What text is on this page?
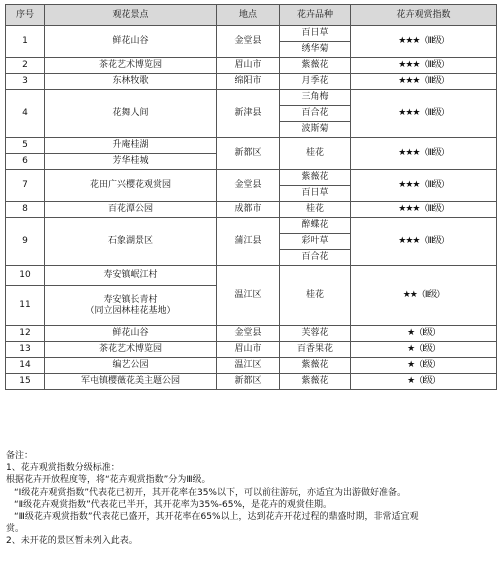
序号	观花景点	地点	花卉品种	花卉观赏指数
1	鲜花山谷	金堂县	百日草	★★★（Ⅲ级）
			绣华菊	
2	茶花艺术博览园	眉山市	紫薇花	★★★（Ⅲ级）
3	东林牧歌	绵阳市	月季花	★★★（Ⅲ级）
4	花舞人间	新津县	三角梅	★★★（Ⅲ级）
			百合花	
			波斯菊	
5	升庵桂湖	新都区	桂花	★★★（Ⅲ级）
6	芳华桂城			
7	花田广兴樱花观赏园	金堂县	紫薇花	★★★（Ⅲ级）
			百日草	
8	百花潭公园	成都市	桂花	★★★（Ⅲ级）
9	石象湖景区	蒲江县	醉蝶花	★★★（Ⅲ级）
			彩叶草	
			百合花	
10	寿安镇岷江村	温江区	桂花	★★（Ⅱ级）
11	寿安镇长青村
（同立园林桂花基地）			

12	鲜花山谷	金堂县	芙蓉花	★（Ⅰ级）
13	茶花艺术博览园	眉山市	百香果花	★（Ⅰ级）
14	编艺公园	温江区	紫薇花	★（Ⅰ级）
15	军屯镇樱薇花美主题公园	新都区	紫薇花	★（Ⅰ级）
备注：
1、花卉观赏指数分级标准：
根据花卉开放程度等，将“花卉观赏指数”分为Ⅲ级。
“Ⅰ级花卉观赏指数”代表花已初开，其开花率在35%以下，可以前往游玩，亦适宜为出游做好准备。
“Ⅱ级花卉观赏指数”代表花已半开，其开花率为35%-65%，是花卉的观赏佳期。
“Ⅲ级花卉观赏指数”代表花已盛开，其开花率在65%以上，达到花卉开花过程的鼎盛时期，非常适宜观
赏。
2、未开花的景区暂未列入此表。
